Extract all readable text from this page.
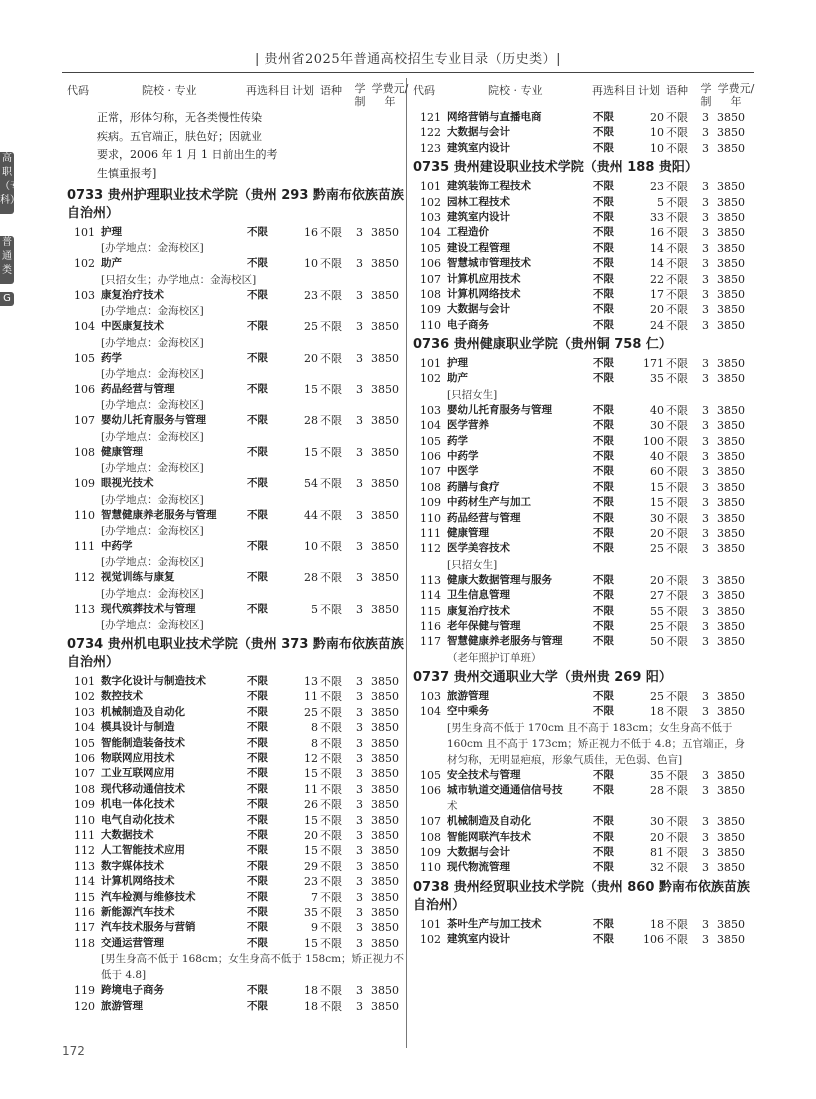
| 贵州省2025年普通高校招生专业目录（历史类）|
高职（专科）
普通类
G
代码	院校 · 专业	再选科目 计划 语种 学制
学费元/年
正常，形体匀称，无各类慢性传染
疾病。五官端正，肤色好；因就业
要求，2006 年 1 月 1 日前出生的考
生慎重报考]
0733 贵州护理职业技术学院（贵州 293 黔南布依族苗族自治州）
101 护理	不限	16 不限 3 3850
[办学地点：金海校区]
102 助产	不限	10 不限 3 3850
[只招女生；办学地点：金海校区]
103 康复治疗技术	不限	23 不限 3 3850
[办学地点：金海校区]
104 中医康复技术	不限	25 不限 3 3850
[办学地点：金海校区]
105 药学	不限	20 不限 3 3850
[办学地点：金海校区]
106 药品经营与管理	不限	15 不限 3 3850
[办学地点：金海校区]
107 婴幼儿托育服务与管理	不限	28 不限 3 3850
[办学地点：金海校区]
108 健康管理	不限	15 不限 3 3850
[办学地点：金海校区]
109 眼视光技术	不限	54 不限 3 3850
[办学地点：金海校区]
110 智慧健康养老服务与管理	不限	44 不限 3 3850
[办学地点：金海校区]
111 中药学	不限	10 不限 3 3850
[办学地点：金海校区]
112 视觉训练与康复	不限	28 不限 3 3850
[办学地点：金海校区]
113 现代殡葬技术与管理	不限	5 不限 3 3850
[办学地点：金海校区]
0734 贵州机电职业技术学院（贵州 373 黔南布依族苗族自治州）
101 数字化设计与制造技术	不限	13 不限 3 3850
102 数控技术	不限	11 不限 3 3850
103 机械制造及自动化	不限	25 不限 3 3850
104 模具设计与制造	不限	8 不限 3 3850
105 智能制造装备技术	不限	8 不限 3 3850
106 物联网应用技术	不限	12 不限 3 3850
107 工业互联网应用	不限	15 不限 3 3850
108 现代移动通信技术	不限	11 不限 3 3850
109 机电一体化技术	不限	26 不限 3 3850
110 电气自动化技术	不限	15 不限 3 3850
111 大数据技术	不限	20 不限 3 3850
112 人工智能技术应用	不限	15 不限 3 3850
113 数字媒体技术	不限	29 不限 3 3850
114 计算机网络技术	不限	23 不限 3 3850
115 汽车检测与维修技术	不限	7 不限 3 3850
116 新能源汽车技术	不限	35 不限 3 3850
117 汽车技术服务与营销	不限	9 不限 3 3850
118 交通运营管理	不限	15 不限 3 3850
[男生身高不低于 168cm；女生身高不低于 158cm；矫正视力不低于 4.8]
119 跨境电子商务	不限	18 不限 3 3850
120 旅游管理	不限	18 不限 3 3850
代码	院校 · 专业	再选科目 计划 语种 学制
学费元/年
121 网络营销与直播电商	不限	20 不限 3 3850
122 大数据与会计	不限	10 不限 3 3850
123 建筑室内设计	不限	10 不限 3 3850
0735 贵州建设职业技术学院（贵州 188 贵阳）
101 建筑装饰工程技术	不限	23 不限 3 3850
102 园林工程技术	不限	5 不限 3 3850
103 建筑室内设计	不限	33 不限 3 3850
104 工程造价	不限	16 不限 3 3850
105 建设工程管理	不限	14 不限 3 3850
106 智慧城市管理技术	不限	14 不限 3 3850
107 计算机应用技术	不限	22 不限 3 3850
108 计算机网络技术	不限	17 不限 3 3850
109 大数据与会计	不限	20 不限 3 3850
110 电子商务	不限	24 不限 3 3850
0736 贵州健康职业学院（贵州铜 758 仁）
101 护理	不限	171 不限 3 3850
102 助产	不限	35 不限 3 3850
[只招女生]
103 婴幼儿托育服务与管理	不限	40 不限 3 3850
104 医学营养	不限	30 不限 3 3850
105 药学	不限	100 不限 3 3850
106 中药学	不限	40 不限 3 3850
107 中医学	不限	60 不限 3 3850
108 药膳与食疗	不限	15 不限 3 3850
109 中药材生产与加工	不限	15 不限 3 3850
110 药品经营与管理	不限	30 不限 3 3850
111 健康管理	不限	20 不限 3 3850
112 医学美容技术	不限	25 不限 3 3850
[只招女生]
113 健康大数据管理与服务	不限	20 不限 3 3850
114 卫生信息管理	不限	27 不限 3 3850
115 康复治疗技术	不限	55 不限 3 3850
116 老年保健与管理	不限	25 不限 3 3850
117 智慧健康养老服务与管理	不限	50 不限 3 3850
（老年照护订单班）
0737 贵州交通职业大学（贵州贵 269 阳）
103 旅游管理	不限	25 不限 3 3850
104 空中乘务	不限	18 不限 3 3850
[男生身高不低于 170cm 且不高于 183cm；女生身高不低于 160cm 且不高于 173cm；矫正视力不低于 4.8；五官端正，身材匀称，无明显疤痕，形象气质佳，无色弱、色盲]
105 安全技术与管理	不限	35 不限 3 3850
106 城市轨道交通通信信号技	不限	28 不限 3 3850
术
107 机械制造及自动化	不限	30 不限 3 3850
108 智能网联汽车技术	不限	20 不限 3 3850
109 大数据与会计	不限	81 不限 3 3850
110 现代物流管理	不限	32 不限 3 3850
0738 贵州经贸职业技术学院（贵州 860 黔南布依族苗族自治州）
101 茶叶生产与加工技术	不限	18 不限 3 3850
102 建筑室内设计	不限	106 不限 3 3850
172
